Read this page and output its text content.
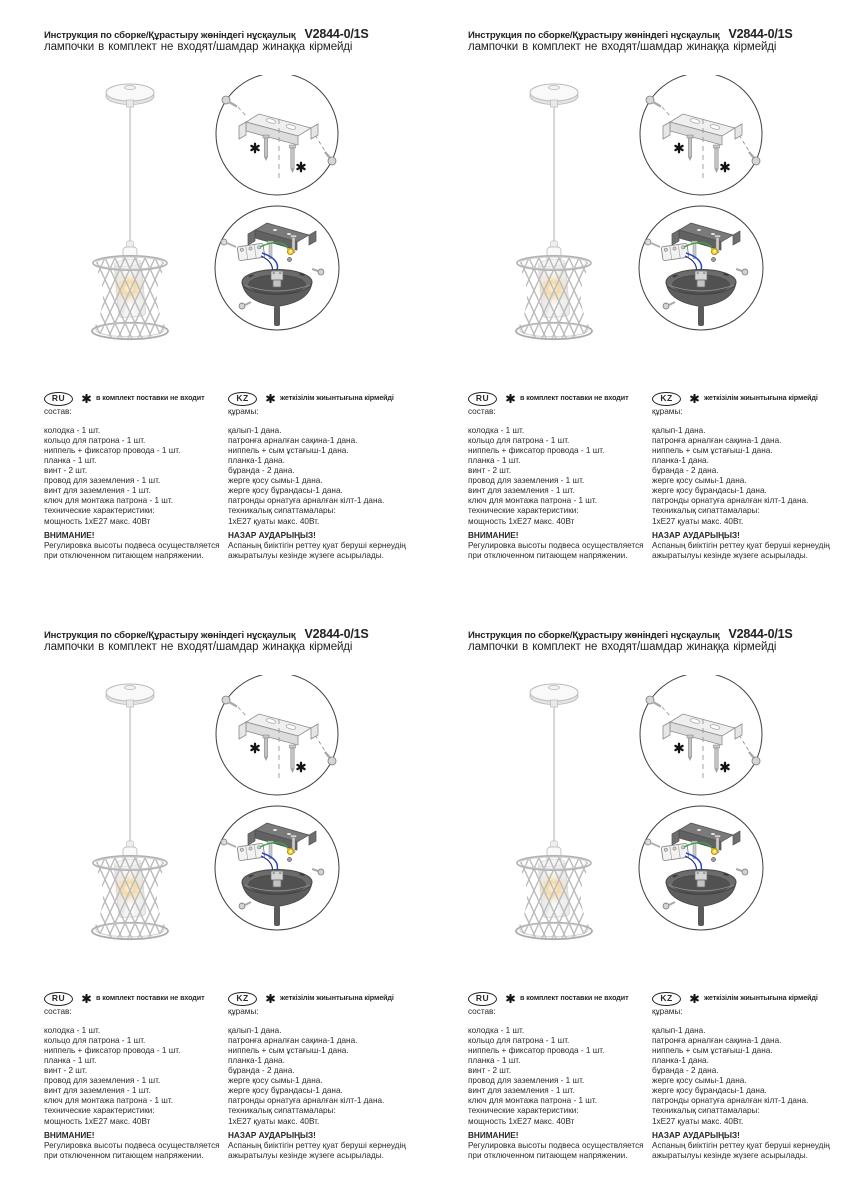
Инструкция по сборке/Құрастыру жөніндегі нұсқаулық V2844-0/1S
лампочки в комплект не входят/шамдар жинаққа кірмейді
RU	в комплект поставки не входит
состав:
колодка - 1 шт.
кольцо для патрона - 1 шт.
ниппель + фиксатор провода - 1 шт.
планка - 1 шт.
винт - 2 шт.
провод для заземления - 1 шт.
винт для заземления - 1 шт.
ключ для монтажа патрона - 1 шт.
технические характеристики:
мощность 1хЕ27 макс. 40Вт
ВНИМАНИЕ!
Регулировка высоты подвеса осуществляется
при отключенном питающем напряжении.
KZ	жеткізілім жиынтығына кірмейді
құрамы:
қалып-1 дана.
патронға арналған сақина-1 дана.
ниппель + сым ұстағыш-1 дана.
планка-1 дана.
бұранда - 2 дана.
жерге қосу сымы-1 дана.
жерге қосу бұрандасы-1 дана.
патронды орнатуға арналған кілт-1 дана.
техникалық сипаттамалары:
1хЕ27 қуаты макс. 40Вт.
НАЗАР АУДАРЫҢЫЗ!
Аспаның биіктігін реттеу қуат беруші кернеудің
ажыратылуы кезінде жүзеге асырылады.
Инструкция по сборке/Құрастыру жөніндегі нұсқаулық V2844-0/1S
лампочки в комплект не входят/шамдар жинаққа кірмейді
RU	в комплект поставки не входит
состав:
колодка - 1 шт.
кольцо для патрона - 1 шт.
ниппель + фиксатор провода - 1 шт.
планка - 1 шт.
винт - 2 шт.
провод для заземления - 1 шт.
винт для заземления - 1 шт.
ключ для монтажа патрона - 1 шт.
технические характеристики:
мощность 1хЕ27 макс. 40Вт
ВНИМАНИЕ!
Регулировка высоты подвеса осуществляется
при отключенном питающем напряжении.
KZ	жеткізілім жиынтығына кірмейді
құрамы:
қалып-1 дана.
патронға арналған сақина-1 дана.
ниппель + сым ұстағыш-1 дана.
планка-1 дана.
бұранда - 2 дана.
жерге қосу сымы-1 дана.
жерге қосу бұрандасы-1 дана.
патронды орнатуға арналған кілт-1 дана.
техникалық сипаттамалары:
1хЕ27 қуаты макс. 40Вт.
НАЗАР АУДАРЫҢЫЗ!
Аспаның биіктігін реттеу қуат беруші кернеудің
ажыратылуы кезінде жүзеге асырылады.
Инструкция по сборке/Құрастыру жөніндегі нұсқаулық V2844-0/1S
лампочки в комплект не входят/шамдар жинаққа кірмейді
RU	в комплект поставки не входит
состав:
колодка - 1 шт.
кольцо для патрона - 1 шт.
ниппель + фиксатор провода - 1 шт.
планка - 1 шт.
винт - 2 шт.
провод для заземления - 1 шт.
винт для заземления - 1 шт.
ключ для монтажа патрона - 1 шт.
технические характеристики:
мощность 1хЕ27 макс. 40Вт
ВНИМАНИЕ!
Регулировка высоты подвеса осуществляется
при отключенном питающем напряжении.
KZ	жеткізілім жиынтығына кірмейді
құрамы:
қалып-1 дана.
патронға арналған сақина-1 дана.
ниппель + сым ұстағыш-1 дана.
планка-1 дана.
бұранда - 2 дана.
жерге қосу сымы-1 дана.
жерге қосу бұрандасы-1 дана.
патронды орнатуға арналған кілт-1 дана.
техникалық сипаттамалары:
1хЕ27 қуаты макс. 40Вт.
НАЗАР АУДАРЫҢЫЗ!
Аспаның биіктігін реттеу қуат беруші кернеудің
ажыратылуы кезінде жүзеге асырылады.
Инструкция по сборке/Құрастыру жөніндегі нұсқаулық V2844-0/1S
лампочки в комплект не входят/шамдар жинаққа кірмейді
RU	в комплект поставки не входит
состав:
колодка - 1 шт.
кольцо для патрона - 1 шт.
ниппель + фиксатор провода - 1 шт.
планка - 1 шт.
винт - 2 шт.
провод для заземления - 1 шт.
винт для заземления - 1 шт.
ключ для монтажа патрона - 1 шт.
технические характеристики:
мощность 1хЕ27 макс. 40Вт
ВНИМАНИЕ!
Регулировка высоты подвеса осуществляется
при отключенном питающем напряжении.
KZ	жеткізілім жиынтығына кірмейді
құрамы:
қалып-1 дана.
патронға арналған сақина-1 дана.
ниппель + сым ұстағыш-1 дана.
планка-1 дана.
бұранда - 2 дана.
жерге қосу сымы-1 дана.
жерге қосу бұрандасы-1 дана.
патронды орнатуға арналған кілт-1 дана.
техникалық сипаттамалары:
1хЕ27 қуаты макс. 40Вт.
НАЗАР АУДАРЫҢЫЗ!
Аспаның биіктігін реттеу қуат беруші кернеудің
ажыратылуы кезінде жүзеге асырылады.
